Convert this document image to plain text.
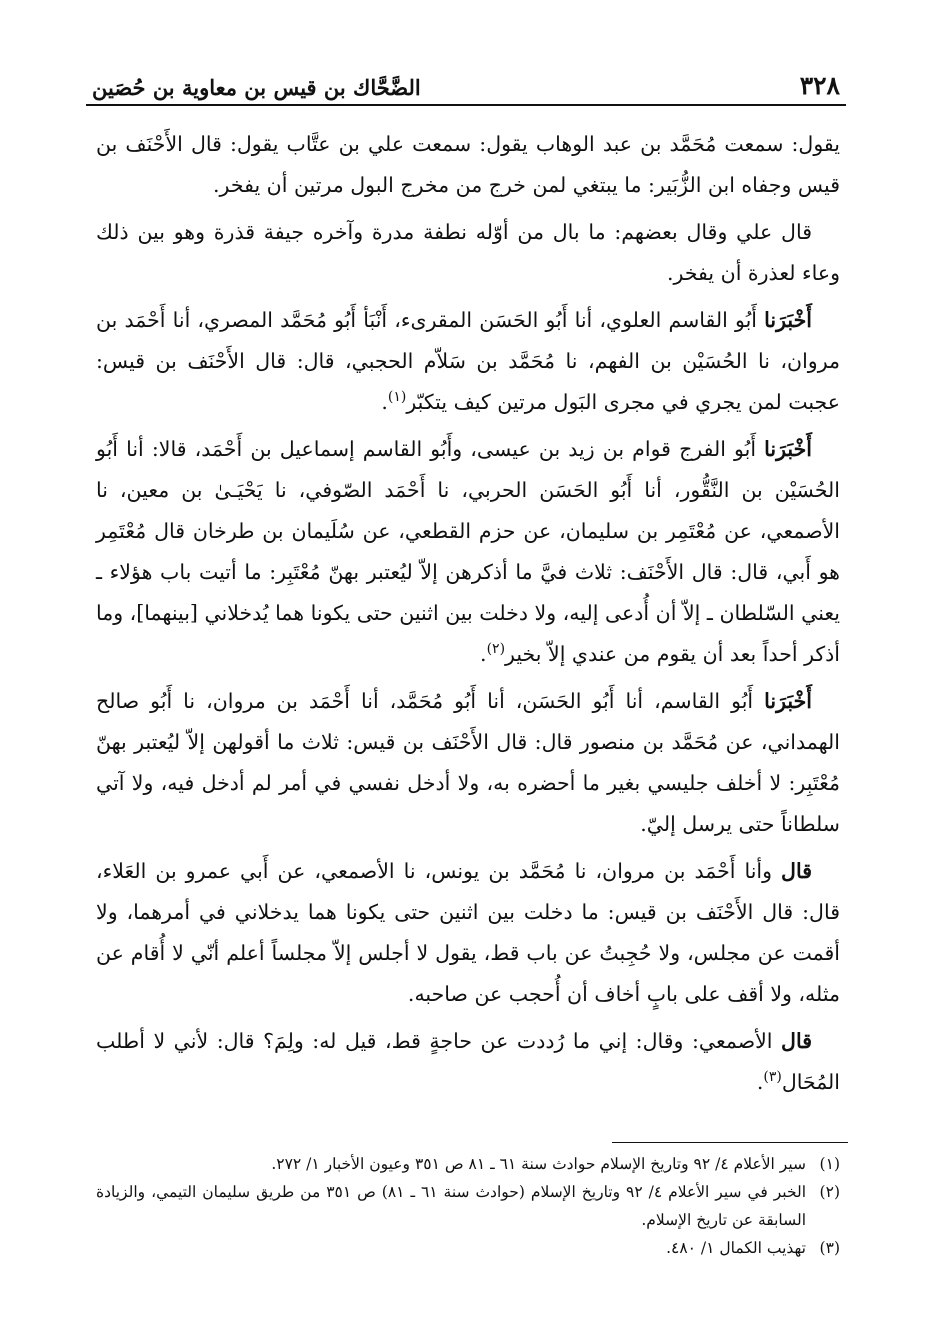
٣٢٨
الضَّحَّاك بن قيس بن معاوية بن حُصَين

يقول: سمعت مُحَمَّد بن عبد الوهاب يقول: سمعت علي بن عتَّاب يقول: قال الأَحْنَف بن قيس وجفاه ابن الزُّبَير: ما يبتغي لمن خرج من مخرج البول مرتين أن يفخر.

قال علي وقال بعضهم: ما بال من أوّله نطفة مدرة وآخره جيفة قذرة وهو بين ذلك وعاء لعذرة أن يفخر.

أَخْبَرَنا أَبُو القاسم العلوي، أنا أَبُو الحَسَن المقرىء، أَنْبَأ أَبُو مُحَمَّد المصري، أنا أَحْمَد بن مروان، نا الحُسَيْن بن الفهم، نا مُحَمَّد بن سَلاّم الحجبي، قال: قال الأَحْنَف بن قيس: عجبت لمن يجري في مجرى البَول مرتين كيف يتكبّر$^{(١)}$.

أَخْبَرَنا أَبُو الفرج قوام بن زيد بن عيسى، وأَبُو القاسم إسماعيل بن أَحْمَد، قالا: أنا أَبُو الحُسَيْن بن النَّقُّور، أنا أَبُو الحَسَن الحربي، نا أَحْمَد الصّوفي، نا يَحْيَـىٰ بن معين، نا الأصمعي، عن مُعْتَمِر بن سليمان، عن حزم القطعي، عن سُلَيمان بن طرخان قال مُعْتَمِر هو أَبي، قال: قال الأَحْنَف: ثلاث فيَّ ما أذكرهن إلاّ ليُعتبر بهنّ مُعْتَبِر: ما أتيت باب هؤلاء ـ يعني السّلطان ـ إلاّ أن أُدعى إليه، ولا دخلت بين اثنين حتى يكونا هما يُدخلاني [بينهما]، وما أذكر أحداً بعد أن يقوم من عندي إلاّ بخير$^{(٢)}$.

أَخْبَرَنا أَبُو القاسم، أنا أَبُو الحَسَن، أنا أَبُو مُحَمَّد، أنا أَحْمَد بن مروان، نا أَبُو صالح الهمداني، عن مُحَمَّد بن منصور قال: قال الأَحْنَف بن قيس: ثلاث ما أقولهن إلاّ ليُعتبر بهنّ مُعْتَبِر: لا أخلف جليسي بغير ما أحضره به، ولا أدخل نفسي في أمر لم أدخل فيه، ولا آتي سلطاناً حتى يرسل إليّ.

قال وأنا أَحْمَد بن مروان، نا مُحَمَّد بن يونس، نا الأصمعي، عن أَبي عمرو بن العَلاء، قال: قال الأَحْنَف بن قيس: ما دخلت بين اثنين حتى يكونا هما يدخلاني في أمرهما، ولا أقمت عن مجلس، ولا حُجِبتُ عن باب قط، يقول لا أجلس إلاّ مجلساً أعلم أنّي لا أُقام عن مثله، ولا أقف على بابٍ أخاف أن أُحجب عن صاحبه.

قال الأصمعي: وقال: إني ما رُددت عن حاجةٍ قط، قيل له: ولِمَ؟ قال: لأني لا أطلب المُحَال$^{(٣)}$.

(١)
سير الأعلام ٤/ ٩٢ وتاريخ الإسلام حوادث سنة ٦١ ـ ٨١ ص ٣٥١ وعيون الأخبار ١/ ٢٧٢.
(٢)
الخبر في سير الأعلام ٤/ ٩٢ وتاريخ الإسلام (حوادث سنة ٦١ ـ ٨١) ص ٣٥١ من طريق سليمان التيمي، والزيادة السابقة عن تاريخ الإسلام.
(٣)
تهذيب الكمال ١/ ٤٨٠.
